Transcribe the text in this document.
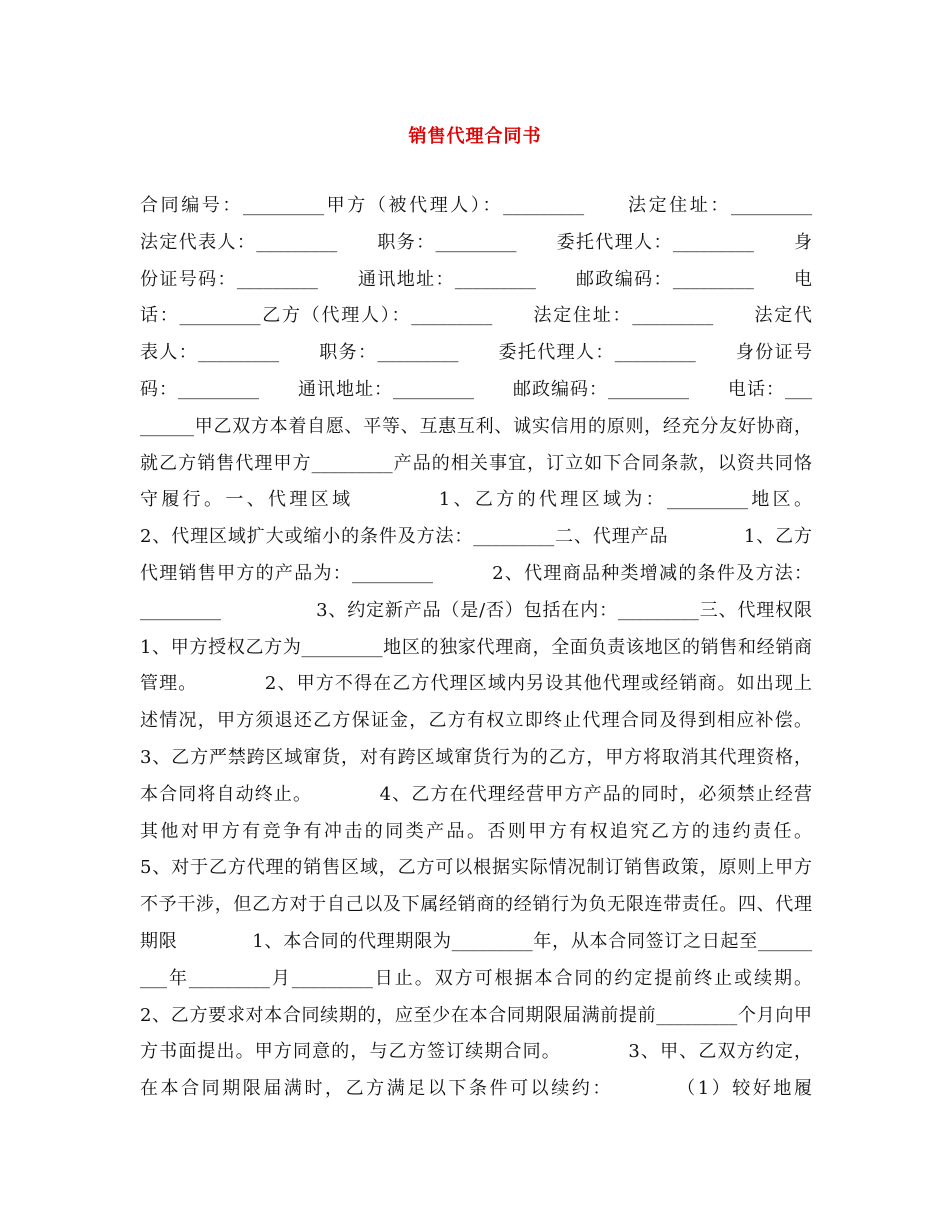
销售代理合同书
合同编号：_________甲方（被代理人）：_________　　法定住址：_________
法定代表人：_________　　职务：_________　　委托代理人：_________　　身
份证号码：_________　　通讯地址：_________　　邮政编码：_________　　电
话：_________乙方（代理人）：_________　　法定住址：_________　　法定代
表人：_________　　职务：_________　　委托代理人：_________　　身份证号
码：_________　　通讯地址：_________　　邮政编码：_________　　电话：___
______甲乙双方本着自愿、平等、互惠互利、诚实信用的原则，经充分友好协商，
就乙方销售代理甲方_________产品的相关事宜，订立如下合同条款，以资共同恪
守履行。一、代理区域　　　　1、乙方的代理区域为：_________地区。
2、代理区域扩大或缩小的条件及方法：_________二、代理产品　　　　1、乙方
代理销售甲方的产品为：_________　　　2、代理商品种类增减的条件及方法：
_________　　　　　3、约定新产品（是/否）包括在内：_________三、代理权限
1、甲方授权乙方为_________地区的独家代理商，全面负责该地区的销售和经销商
管理。　　　　2、甲方不得在乙方代理区域内另设其他代理或经销商。如出现上
述情况，甲方须退还乙方保证金，乙方有权立即终止代理合同及得到相应补偿。
3、乙方严禁跨区域窜货，对有跨区域窜货行为的乙方，甲方将取消其代理资格，
本合同将自动终止。　　　　4、乙方在代理经营甲方产品的同时，必须禁止经营
其他对甲方有竞争有冲击的同类产品。否则甲方有权追究乙方的违约责任。
5、对于乙方代理的销售区域，乙方可以根据实际情况制订销售政策，原则上甲方
不予干涉，但乙方对于自己以及下属经销商的经销行为负无限连带责任。四、代理
期限　　　　1、本合同的代理期限为_________年，从本合同签订之日起至______
___年_________月_________日止。双方可根据本合同的约定提前终止或续期。
2、乙方要求对本合同续期的，应至少在本合同期限届满前提前_________个月向甲
方书面提出。甲方同意的，与乙方签订续期合同。　　　　3、甲、乙双方约定，
在本合同期限届满时，乙方满足以下条件可以续约：　　　　（1）较好地履
